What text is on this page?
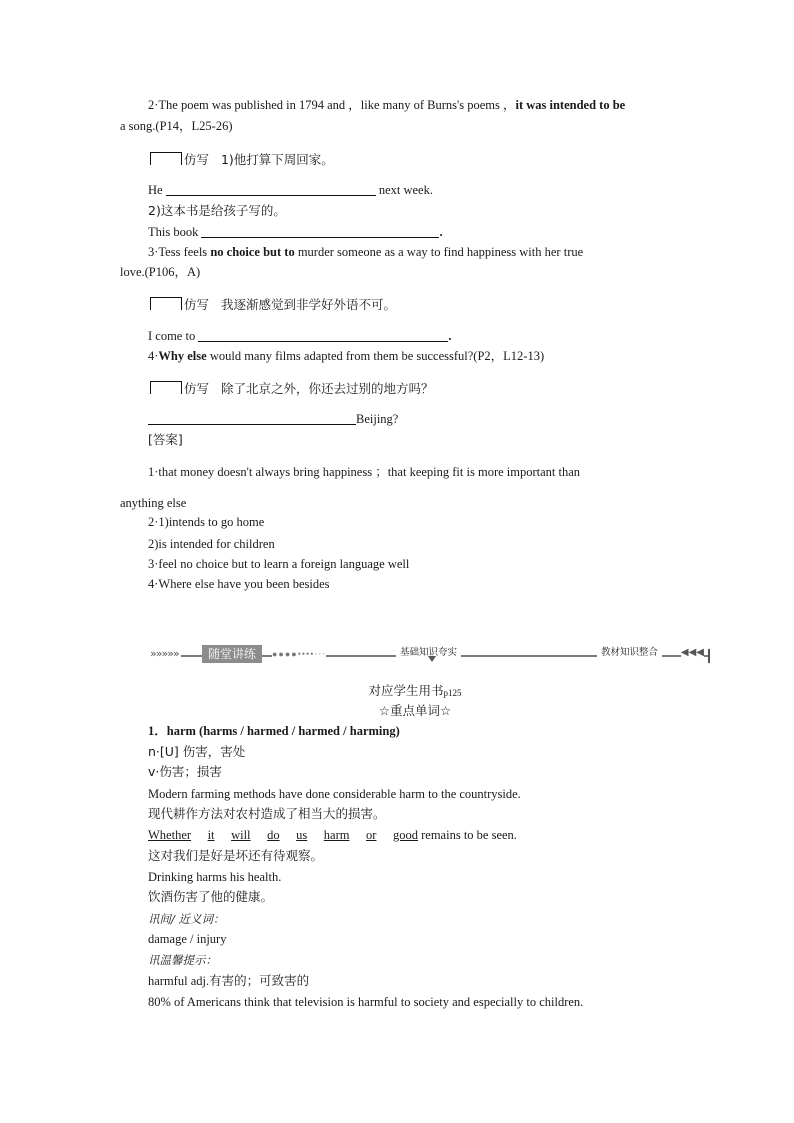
2·The poem was published in 1794 and ，like many of Burns's poems ，it was intended to be
a song.(P14，L25-26)
仿写 1)他打算下周回家。
He	next week.
2)这本书是给孩子写的。
This book	.
3·Tess feels no choice but to murder someone as a way to find happiness with her true
love.(P106，A)
仿写 我逐渐感觉到非学好外语不可。
I come to	.
4·Why else would many films adapted from them be successful?(P2，L12-13)
仿写 除了北京之外，你还去过别的地方吗？
Beijing?
[答案]
1·that money doesn't always bring happiness ；that keeping fit is more important than
anything else
2·1)intends to go home
2)is intended for children
3·feel no choice but to learn a foreign language well
4·Where else have you been besides
»»»»»	随堂讲练	●●●●••••···	基础知识夸实	教材知识整合	◀◀◀
对应学生用书p125
☆重点单词☆
1．harm (harms / harmed / harmed / harming)
n·[U] 伤害，害处
v·伤害；损害
Modern farming methods have done considerable harm to the countryside.
现代耕作方法对农村造成了相当大的损害。
Whether it will do us harm or good remains to be seen.
这对我们是好是坏还有待观察。
Drinking harms his health.
饮酒伤害了他的健康。
讯间/ 近义词：
damage / injury
讯温馨提示：
harmful adj.有害的；可致害的
80% of Americans think that television is harmful to society and especially to children.
